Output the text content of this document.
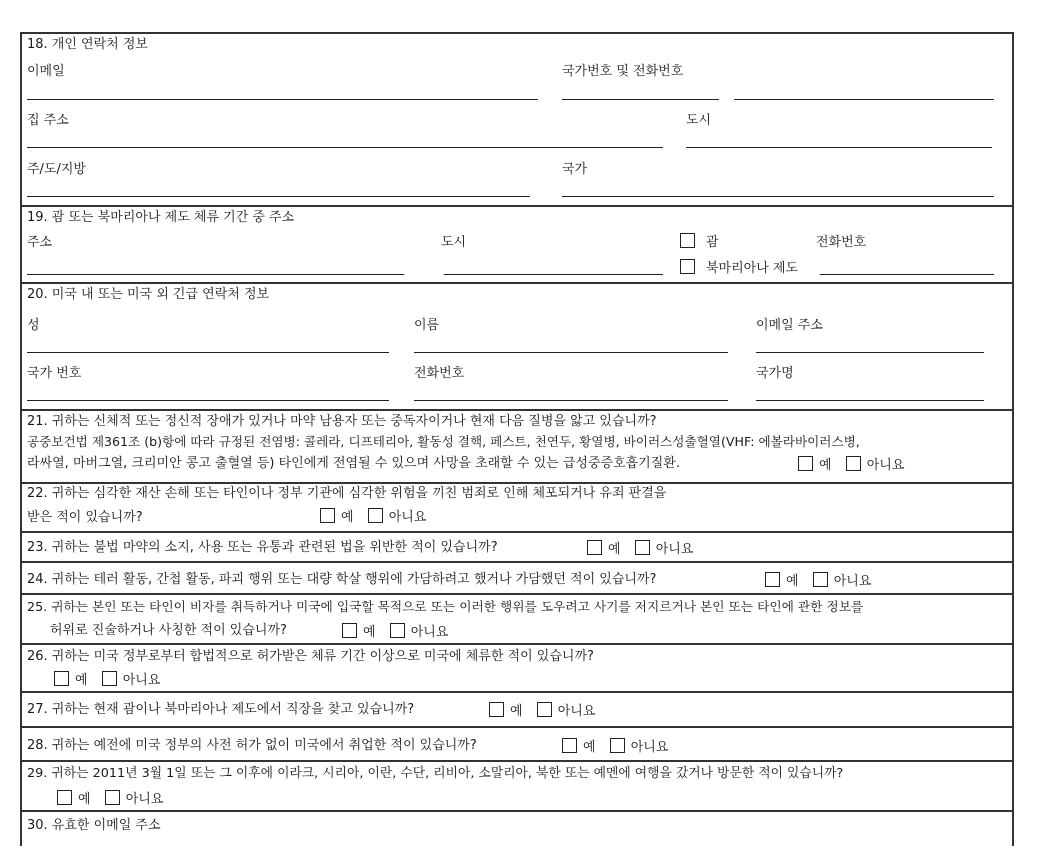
18. 개인 연락처 정보
이메일	국가번호 및 전화번호
집 주소	도시
주/도/지방	국가
19. 괌 또는 북마리아나 제도 체류 기간 중 주소
주소	도시	괌	전화번호
북마리아나 제도
20. 미국 내 또는 미국 외 긴급 연락처 정보
성	이름	이메일 주소
국가 번호	전화번호	국가명
21. 귀하는 신체적 또는 정신적 장애가 있거나 마약 남용자 또는 중독자이거나 현재 다음 질병을 앓고 있습니까?
공중보건법 제361조 (b)항에 따라 규정된 전염병: 콜레라, 디프테리아, 활동성 결핵, 페스트, 천연두, 황열병, 바이러스성출혈열(VHF: 에볼라바이러스병,
라싸열, 마버그열, 크리미안 콩고 출혈열 등) 타인에게 전염될 수 있으며 사망을 초래할 수 있는 급성중증호흡기질환.	예	아니요
22. 귀하는 심각한 재산 손해 또는 타인이나 정부 기관에 심각한 위험을 끼친 범죄로 인해 체포되거나 유죄 판결을
받은 적이 있습니까?	예	아니요
23. 귀하는 불법 마약의 소지, 사용 또는 유통과 관련된 법을 위반한 적이 있습니까?	예	아니요
24. 귀하는 테러 활동, 간첩 활동, 파괴 행위 또는 대량 학살 행위에 가담하려고 했거나 가담했던 적이 있습니까?	예	아니요
25. 귀하는 본인 또는 타인이 비자를 취득하거나 미국에 입국할 목적으로 또는 이러한 행위를 도우려고 사기를 저지르거나 본인 또는 타인에 관한 정보를
허위로 진술하거나 사칭한 적이 있습니까?	예	아니요
26. 귀하는 미국 정부로부터 합법적으로 허가받은 체류 기간 이상으로 미국에 체류한 적이 있습니까?
예	아니요
27. 귀하는 현재 괌이나 북마리아나 제도에서 직장을 찾고 있습니까?	예	아니요
28. 귀하는 예전에 미국 정부의 사전 허가 없이 미국에서 취업한 적이 있습니까?	예	아니요
29. 귀하는 2011년 3월 1일 또는 그 이후에 이라크, 시리아, 이란, 수단, 리비아, 소말리아, 북한 또는 예멘에 여행을 갔거나 방문한 적이 있습니까?
예	아니요
30. 유효한 이메일 주소
